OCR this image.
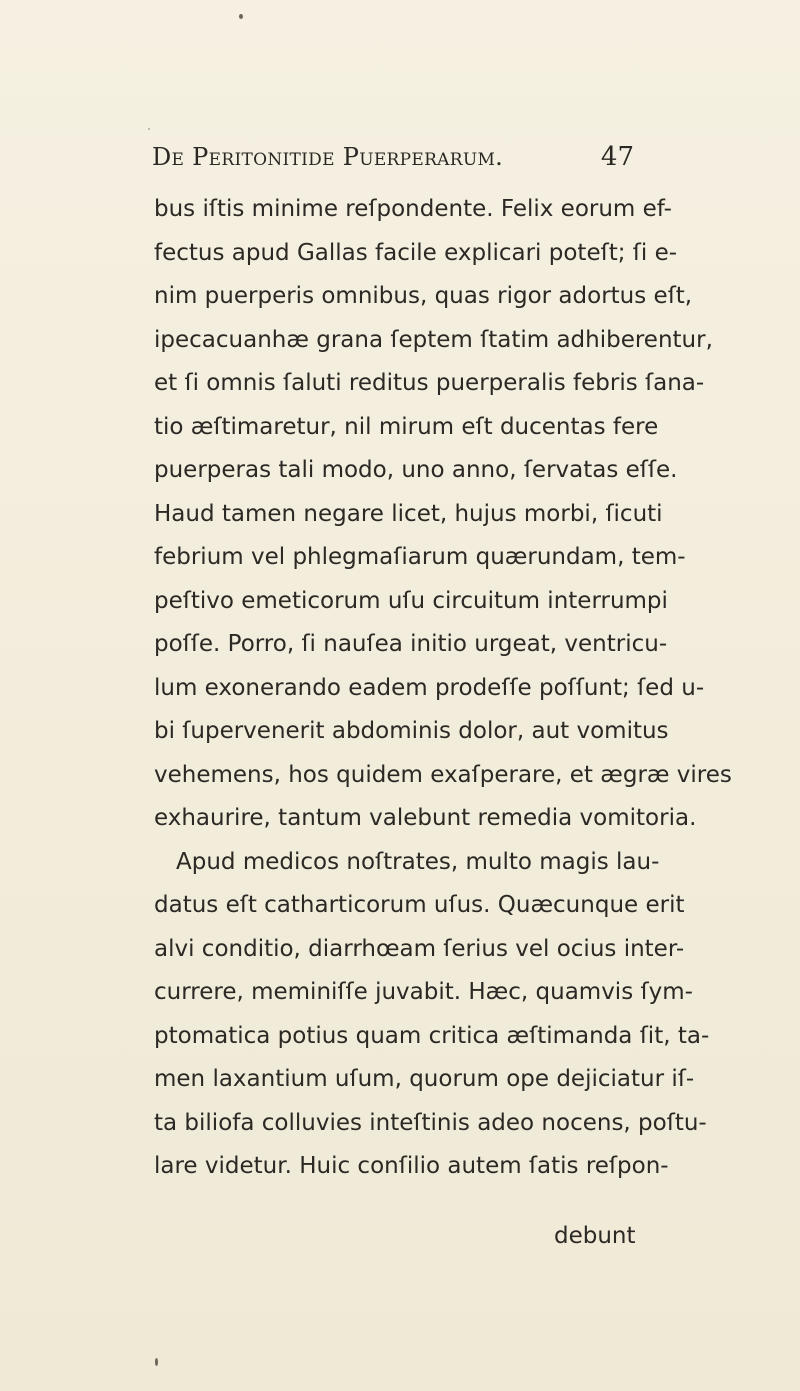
De Peritonitide Puerperarum.	47
bus iſtis minime reſpondente. Felix eorum ef-
fectus apud Gallas facile explicari poteſt; ſi e-
nim puerperis omnibus, quas rigor adortus eſt,
ipecacuanhæ grana ſeptem ſtatim adhiberentur,
et ſi omnis ſaluti reditus puerperalis febris ſana-
tio æſtimaretur, nil mirum eſt ducentas fere
puerperas tali modo, uno anno, ſervatas eſſe.
Haud tamen negare licet, hujus morbi, ſicuti
febrium vel phlegmaſiarum quærundam, tem-
peſtivo emeticorum uſu circuitum interrumpi
poſſe. Porro, ſi nauſea initio urgeat, ventricu-
lum exonerando eadem prodeſſe poſſunt; ſed u-
bi ſupervenerit abdominis dolor, aut vomitus
vehemens, hos quidem exaſperare, et ægræ vires
exhaurire, tantum valebunt remedia vomitoria.
Apud medicos noſtrates, multo magis lau-
datus eſt catharticorum uſus. Quæcunque erit
alvi conditio, diarrhœam ſerius vel ocius inter-
currere, meminiſſe juvabit. Hæc, quamvis ſym-
ptomatica potius quam critica æſtimanda ſit, ta-
men laxantium uſum, quorum ope dejiciatur iſ-
ta biliofa colluvies inteſtinis adeo nocens, poſtu-
lare videtur. Huic conſilio autem ſatis reſpon-
debunt
